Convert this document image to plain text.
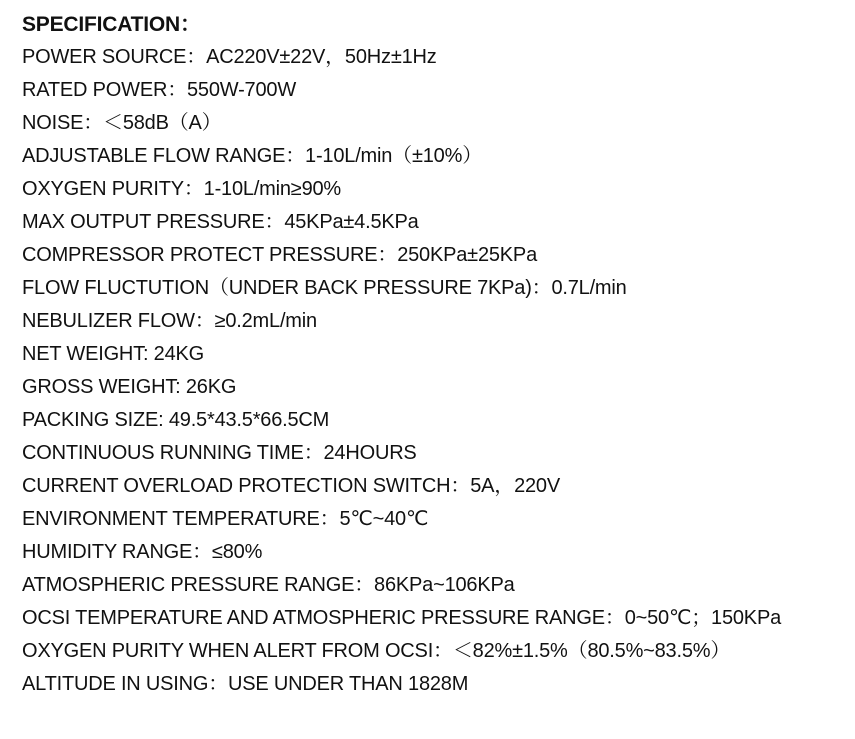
SPECIFICATION：
POWER SOURCE：AC220V±22V，50Hz±1Hz
RATED POWER：550W-700W
NOISE：＜58dB（A）
ADJUSTABLE FLOW RANGE：1-10L/min（±10%）
OXYGEN PURITY：1-10L/min≥90%
MAX OUTPUT PRESSURE：45KPa±4.5KPa
COMPRESSOR PROTECT PRESSURE：250KPa±25KPa
FLOW FLUCTUTION（UNDER BACK PRESSURE 7KPa)：0.7L/min
NEBULIZER FLOW：≥0.2mL/min
NET WEIGHT: 24KG
GROSS WEIGHT: 26KG
PACKING SIZE: 49.5*43.5*66.5CM
CONTINUOUS RUNNING TIME：24HOURS
CURRENT OVERLOAD PROTECTION SWITCH：5A，220V
ENVIRONMENT TEMPERATURE：5℃~40℃
HUMIDITY RANGE：≤80%
ATMOSPHERIC PRESSURE RANGE：86KPa~106KPa
OCSI TEMPERATURE AND ATMOSPHERIC PRESSURE RANGE：0~50℃；150KPa
OXYGEN PURITY WHEN ALERT FROM OCSI：＜82%±1.5%（80.5%~83.5%）
ALTITUDE IN USING：USE UNDER THAN 1828M
